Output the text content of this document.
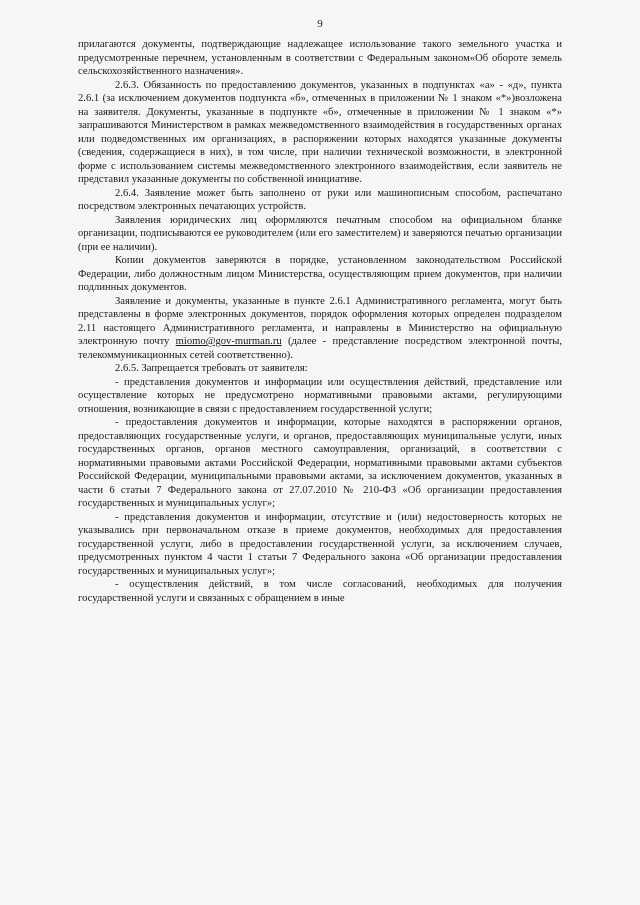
9

прилагаются документы, подтверждающие надлежащее использование такого земельного участка и предусмотренные перечнем, установленным в соответствии с Федеральным законом«Об обороте земель сельскохозяйственного назначения».

2.6.3. Обязанность по предоставлению документов, указанных в подпунктах «а» - «д», пункта 2.6.1 (за исключением документов подпункта «б», отмеченных в приложении № 1 знаком «*»)возложена на заявителя. Документы, указанные в подпункте «б», отмеченные в приложении № 1 знаком «*» запрашиваются Министерством в рамках межведомственного взаимодействия в государственных органах или подведомственных им организациях, в распоряжении которых находятся указанные документы (сведения, содержащиеся в них), в том числе, при наличии технической возможности, в электронной форме с использованием системы межведомственного электронного взаимодействия, если заявитель не представил указанные документы по собственной инициативе.

2.6.4. Заявление может быть заполнено от руки или машинописным способом, распечатано посредством электронных печатающих устройств.

Заявления юридических лиц оформляются печатным способом на официальном бланке организации, подписываются ее руководителем (или его заместителем) и заверяются печатью организации (при ее наличии).

Копии документов заверяются в порядке, установленном законодательством Российской Федерации, либо должностным лицом Министерства, осуществляющим прием документов, при наличии подлинных документов.

Заявление и документы, указанные в пункте 2.6.1 Административного регламента, могут быть представлены в форме электронных документов, порядок оформления которых определен подразделом 2.11 настоящего Административного регламента, и направлены в Министерство на официальную электронную почту miomo@gov-murman.ru (далее - представление посредством электронной почты, телекоммуникационных сетей соответственно).

2.6.5. Запрещается требовать от заявителя:

- представления документов и информации или осуществления действий, представление или осуществление которых не предусмотрено нормативными правовыми актами, регулирующими отношения, возникающие в связи с предоставлением государственной услуги;

- предоставления документов и информации, которые находятся в распоряжении органов, предоставляющих государственные услуги, и органов, предоставляющих муниципальные услуги, иных государственных органов, органов местного самоуправления, организаций, в соответствии с нормативными правовыми актами Российской Федерации, нормативными правовыми актами субъектов Российской Федерации, муниципальными правовыми актами, за исключением документов, указанных в части 6 статьи 7 Федерального закона от 27.07.2010 № 210-ФЗ «Об организации предоставления государственных и муниципальных услуг»;

- представления документов и информации, отсутствие и (или) недостоверность которых не указывались при первоначальном отказе в приеме документов, необходимых для предоставления государственной услуги, либо в предоставлении государственной услуги, за исключением случаев, предусмотренных пунктом 4 части 1 статьи 7 Федерального закона «Об организации предоставления государственных и муниципальных услуг»;

- осуществления действий, в том числе согласований, необходимых для получения государственной услуги и связанных с обращением в иные
